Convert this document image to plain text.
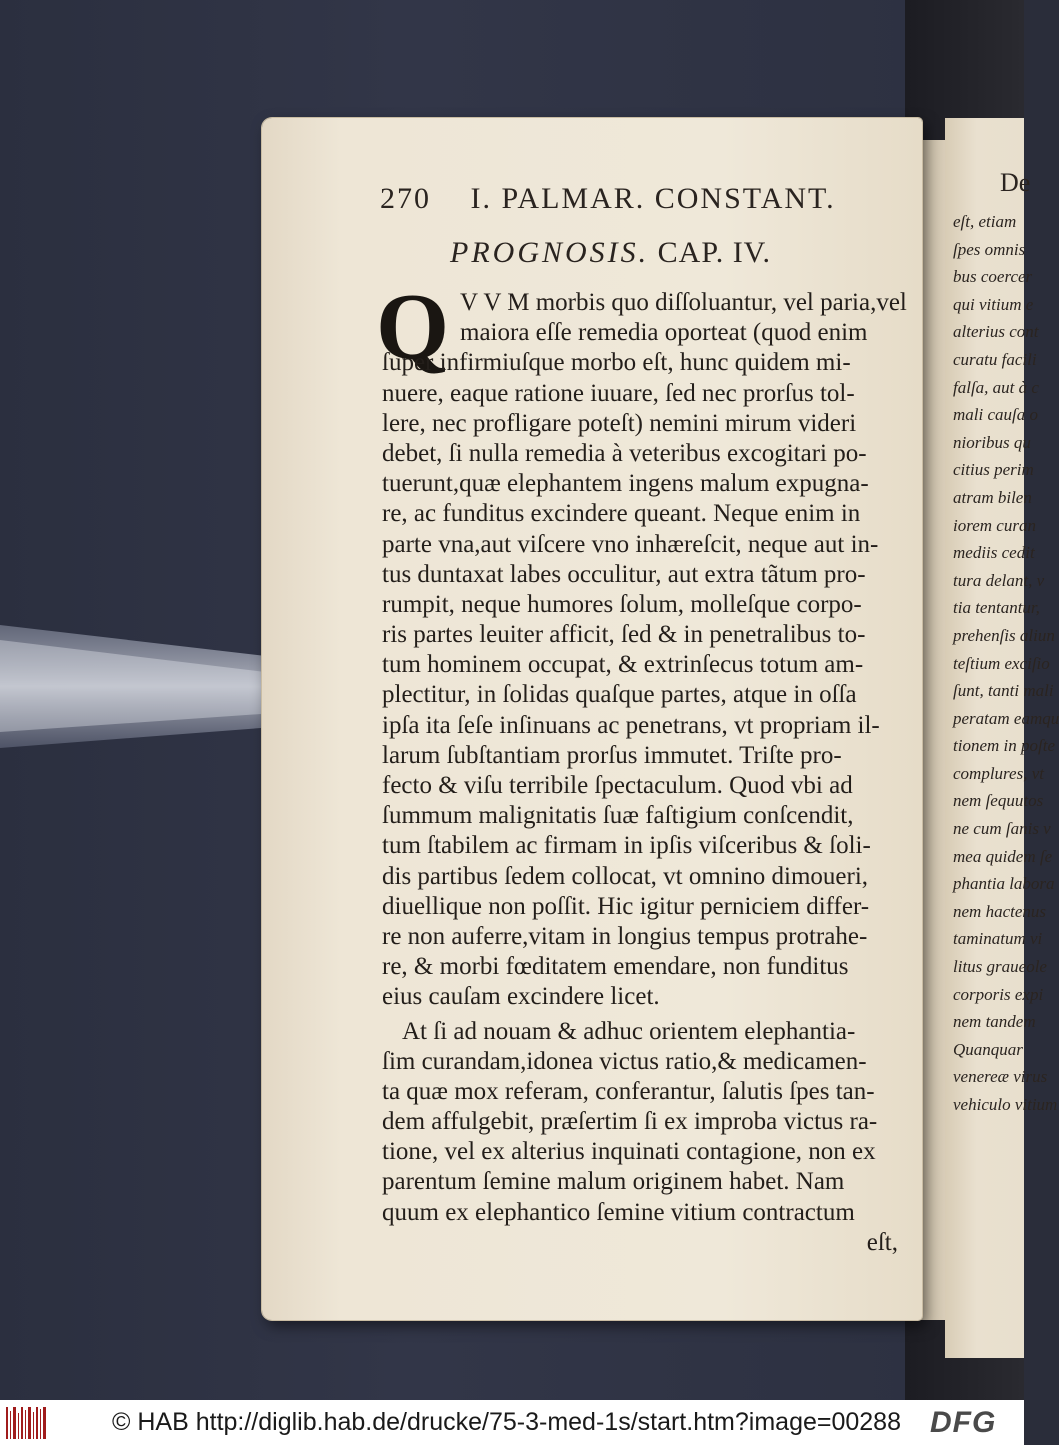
De
eſt, etiam
ſpes omnis
bus coercer
qui vitium e
alterius cont
curatu facili
falſa, aut à c
mali cauſa o
nioribus qu
citius perim
atram bilen
iorem curan
mediis cedit
tura delant, v
tia tentantur,
prehenſis aliun
teſtium exciſio
ſunt, tanti mali
peratam eamqu
tionem in poſte
complures, vt
nem ſequutos
ne cum ſanis v
mea quidem ſe
phantia labora
nem hactenus
taminatum vi
litus graueole
corporis expi
nem tandem
Quanquar
venereæ virus
vehiculo vitium
270 I. PALMAR. CONSTANT.
PROGNOSIS. CAP. IV.
Q V V M morbis quo diſſoluantur, vel paria,vel
maiora eſſe remedia oporteat (quod enim
ſuper infirmiuſque morbo eſt, hunc quidem mi-
nuere, eaque ratione iuuare, ſed nec prorſus tol-
lere, nec profligare poteſt) nemini mirum videri
debet, ſi nulla remedia à veteribus excogitari po-
tuerunt,quæ elephantem ingens malum expugna-
re, ac funditus excindere queant. Neque enim in
parte vna,aut viſcere vno inhæreſcit, neque aut in-
tus duntaxat labes occulitur, aut extra tãtum pro-
rumpit, neque humores ſolum, molleſque corpo-
ris partes leuiter afficit, ſed & in penetralibus to-
tum hominem occupat, & extrinſecus totum am-
plectitur, in ſolidas quaſque partes, atque in oſſa
ipſa ita ſeſe inſinuans ac penetrans, vt propriam il-
larum ſubſtantiam prorſus immutet. Triſte pro-
fecto & viſu terribile ſpectaculum. Quod vbi ad
ſummum malignitatis ſuæ faſtigium conſcendit,
tum ſtabilem ac firmam in ipſis viſceribus & ſoli-
dis partibus ſedem collocat, vt omnino dimoueri,
diuellique non poſſit. Hic igitur perniciem differ-
re non auferre,vitam in longius tempus protrahe-
re, & morbi fœditatem emendare, non funditus
eius cauſam excindere licet.
At ſi ad nouam & adhuc orientem elephantia-
ſim curandam,idonea victus ratio,& medicamen-
ta quæ mox referam, conferantur, ſalutis ſpes tan-
dem affulgebit, præſertim ſi ex improba victus ra-
tione, vel ex alterius inquinati contagione, non ex
parentum ſemine malum originem habet. Nam
quum ex elephantico ſemine vitium contractum
eſt,
© HAB http://diglib.hab.de/drucke/75-3-med-1s/start.htm?image=00288 DFG
